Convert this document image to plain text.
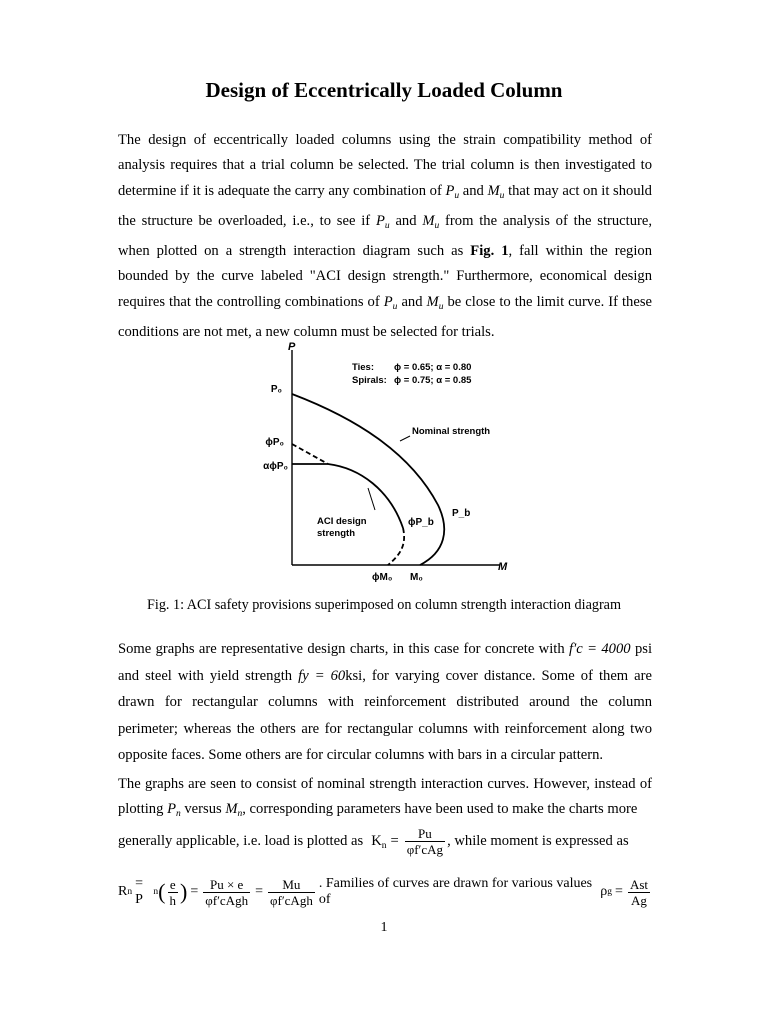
Design of Eccentrically Loaded Column

The design of eccentrically loaded columns using the strain compatibility method of analysis requires that a trial column be selected. The trial column is then investigated to determine if it is adequate the carry any combination of $P_u$ and $M_u$ that may act on it should the structure be overloaded, i.e., to see if $P_u$ and $M_u$ from the analysis of the structure, when plotted on a strength interaction diagram such as Fig. 1, fall within the region bounded by the curve labeled "ACI design strength." Furthermore, economical design requires that the controlling combinations of $P_u$ and $M_u$ be close to the limit curve. If these conditions are not met, a new column must be selected for trials.

P
M
Ties: ϕ = 0.65; α = 0.80
Spirals: ϕ = 0.75; α = 0.85
P₀
ϕP₀
αϕP₀
Nominal strength
ACI design
strength
ϕP_b
P_b
ϕM₀ M₀

Fig. 1: ACI safety provisions superimposed on column strength interaction diagram

Some graphs are representative design charts, in this case for concrete with f′c = 4000 psi and steel with yield strength fy = 60ksi, for varying cover distance. Some of them are drawn for rectangular columns with reinforcement distributed around the column perimeter; whereas the others are for rectangular columns with reinforcement along two opposite faces. Some others are for circular columns with bars in a circular pattern.

The graphs are seen to consist of nominal strength interaction curves. However, instead of plotting $P_n$ versus $M_n$, corresponding parameters have been used to make the charts more

generally applicable, i.e. load is plotted as $K_n = \frac{Pu}{\text{φf′cAg}}$ , while moment is expressed as
R n
= P	n ( $\frac{e}{h}$ ) = $\frac{Pu \times e}{\text{φf′cAgh}} = \frac{Mu}{\text{φf′cAgh}}$ . Families of curves are drawn for various values of
ρ $g = \frac{\text{Ast}}{Ag}$

1
